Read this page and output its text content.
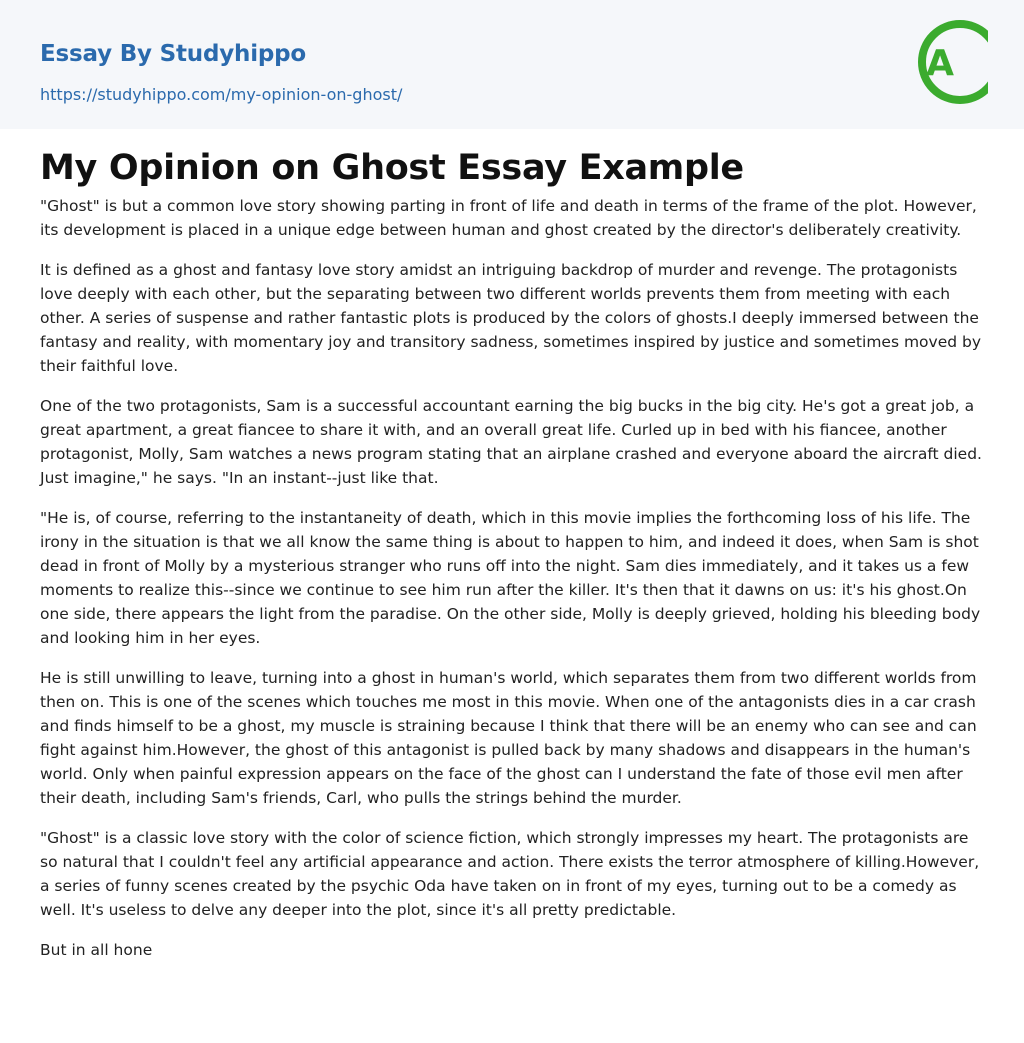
Essay By Studyhippo
https://studyhippo.com/my-opinion-on-ghost/
A
My Opinion on Ghost Essay Example

"Ghost" is but a common love story showing parting in front of life and death in terms of the frame of the plot. However, its development is placed in a unique edge between human and ghost created by the director's deliberately creativity.

It is defined as a ghost and fantasy love story amidst an intriguing backdrop of murder and revenge. The protagonists love deeply with each other, but the separating between two different worlds prevents them from meeting with each other. A series of suspense and rather fantastic plots is produced by the colors of ghosts.I deeply immersed between the fantasy and reality, with momentary joy and transitory sadness, sometimes inspired by justice and sometimes moved by their faithful love.

One of the two protagonists, Sam is a successful accountant earning the big bucks in the big city. He's got a great job, a great apartment, a great fiancee to share it with, and an overall great life. Curled up in bed with his fiancee, another protagonist, Molly, Sam watches a news program stating that an airplane crashed and everyone aboard the aircraft died. Just imagine," he says. "In an instant--just like that.

"He is, of course, referring to the instantaneity of death, which in this movie implies the forthcoming loss of his life. The irony in the situation is that we all know the same thing is about to happen to him, and indeed it does, when Sam is shot dead in front of Molly by a mysterious stranger who runs off into the night. Sam dies immediately, and it takes us a few moments to realize this--since we continue to see him run after the killer. It's then that it dawns on us: it's his ghost.On one side, there appears the light from the paradise. On the other side, Molly is deeply grieved, holding his bleeding body and looking him in her eyes.

He is still unwilling to leave, turning into a ghost in human's world, which separates them from two different worlds from then on. This is one of the scenes which touches me most in this movie. When one of the antagonists dies in a car crash and finds himself to be a ghost, my muscle is straining because I think that there will be an enemy who can see and can fight against him.However, the ghost of this antagonist is pulled back by many shadows and disappears in the human's world. Only when painful expression appears on the face of the ghost can I understand the fate of those evil men after their death, including Sam's friends, Carl, who pulls the strings behind the murder.

"Ghost" is a classic love story with the color of science fiction, which strongly impresses my heart. The protagonists are so natural that I couldn't feel any artificial appearance and action. There exists the terror atmosphere of killing.However, a series of funny scenes created by the psychic Oda have taken on in front of my eyes, turning out to be a comedy as well. It's useless to delve any deeper into the plot, since it's all pretty predictable.

But in all hone
